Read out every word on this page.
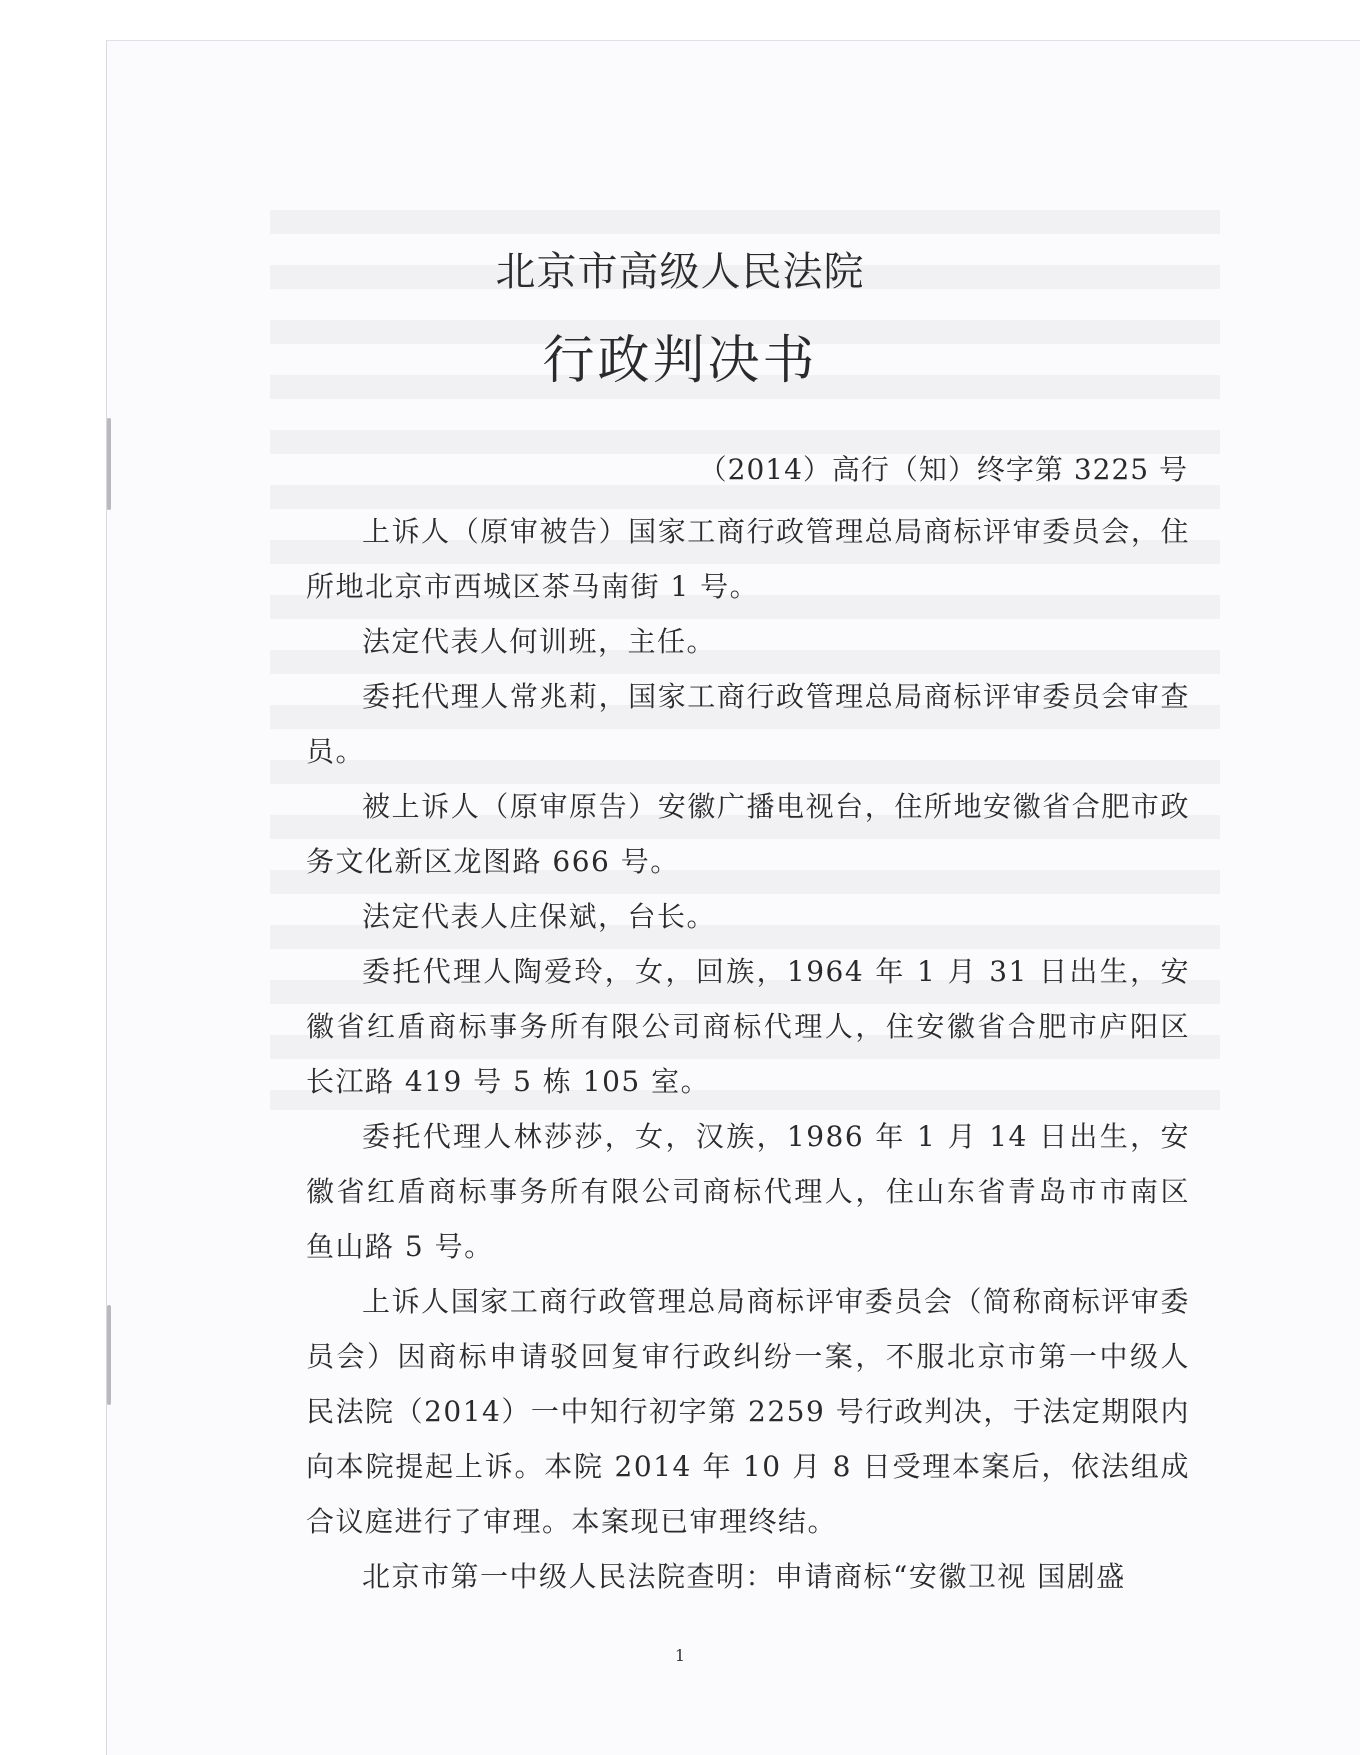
北京市高级人民法院
行政判决书
（2014）高行（知）终字第 3225 号

上诉人（原审被告）国家工商行政管理总局商标评审委员会，住所地北京市西城区茶马南街 1 号。

法定代表人何训班，主任。

委托代理人常兆莉，国家工商行政管理总局商标评审委员会审查员。

被上诉人（原审原告）安徽广播电视台，住所地安徽省合肥市政务文化新区龙图路 666 号。

法定代表人庄保斌，台长。

委托代理人陶爱玲，女，回族，1964 年 1 月 31 日出生，安徽省红盾商标事务所有限公司商标代理人，住安徽省合肥市庐阳区长江路 419 号 5 栋 105 室。

委托代理人林莎莎，女，汉族，1986 年 1 月 14 日出生，安徽省红盾商标事务所有限公司商标代理人，住山东省青岛市市南区鱼山路 5 号。

上诉人国家工商行政管理总局商标评审委员会（简称商标评审委员会）因商标申请驳回复审行政纠纷一案，不服北京市第一中级人民法院（2014）一中知行初字第 2259 号行政判决，于法定期限内向本院提起上诉。本院 2014 年 10 月 8 日受理本案后，依法组成合议庭进行了审理。本案现已审理终结。

北京市第一中级人民法院查明：申请商标“安徽卫视 国剧盛

1
